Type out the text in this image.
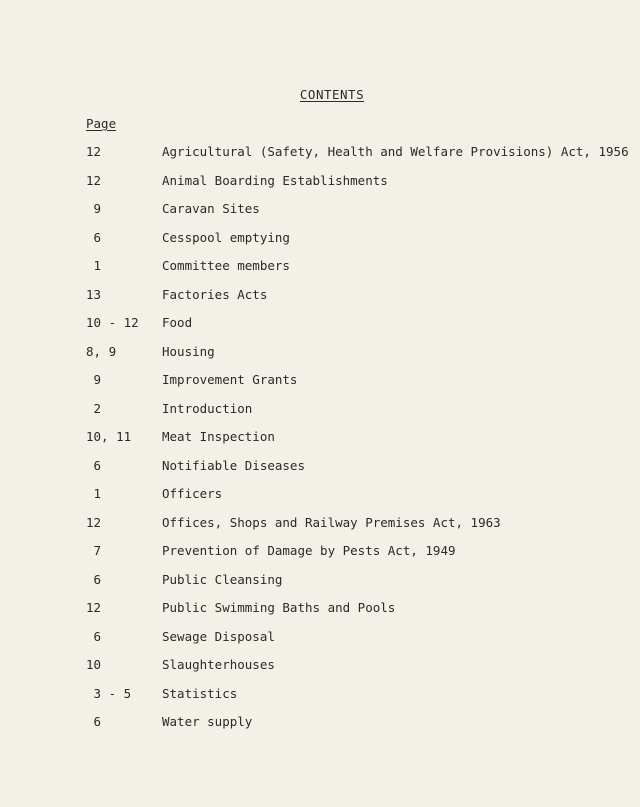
CONTENTS
Page
12	Agricultural (Safety, Health and Welfare Provisions) Act, 1956
12	Animal Boarding Establishments
9	Caravan Sites
6	Cesspool emptying
1	Committee members
13	Factories Acts
10 - 12 Food
8, 9	Housing
9	Improvement Grants
2	Introduction
10, 11 Meat Inspection
6	Notifiable Diseases
1	Officers
12	Offices, Shops and Railway Premises Act, 1963
7	Prevention of Damage by Pests Act, 1949
6	Public Cleansing
12	Public Swimming Baths and Pools
6	Sewage Disposal
10	Slaughterhouses
3 - 5 Statistics
6	Water supply
